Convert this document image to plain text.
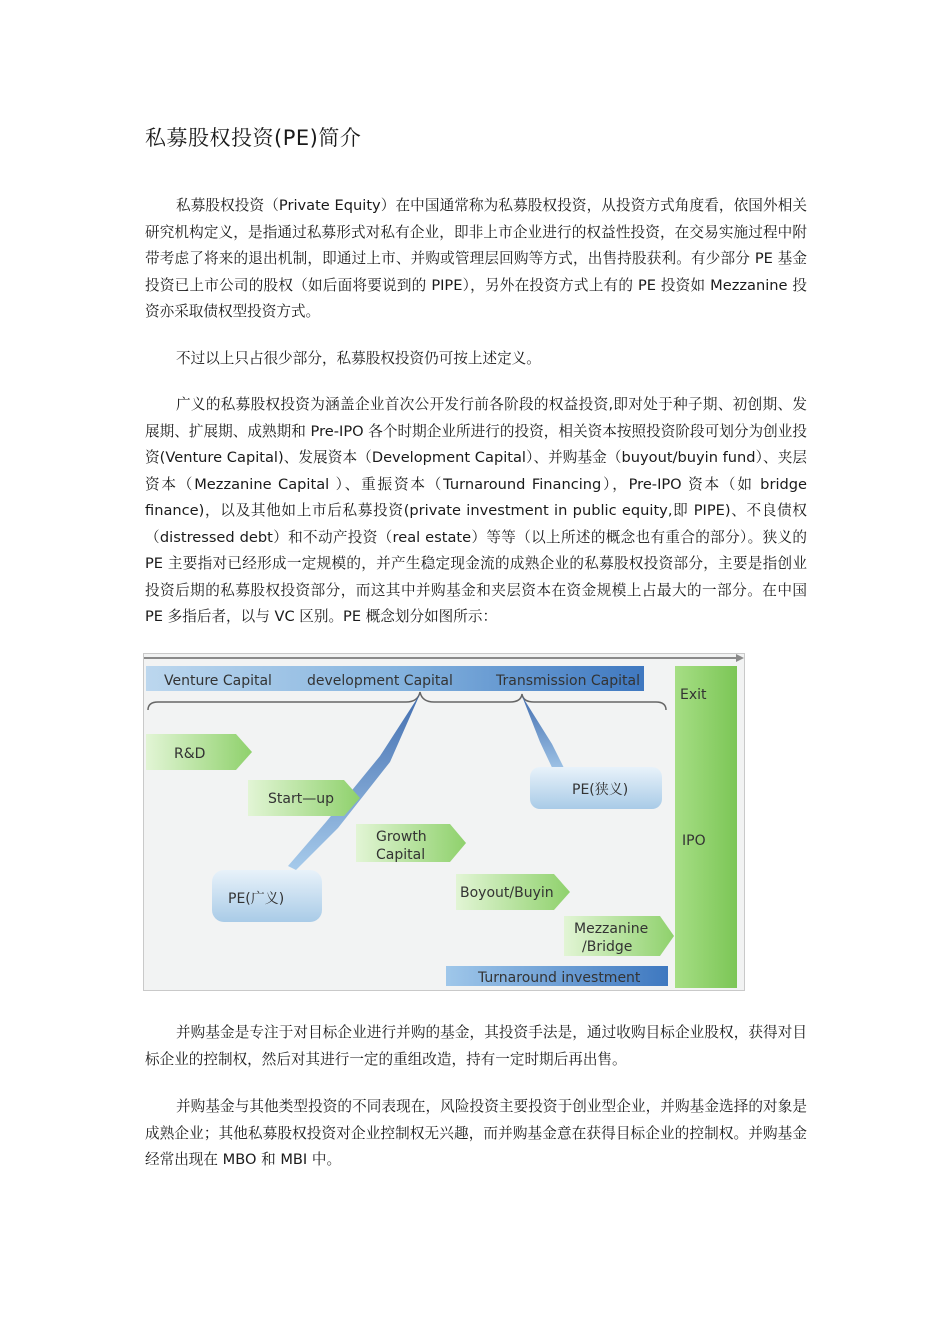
私募股权投资(PE)简介

私募股权投资（Private Equity）在中国通常称为私募股权投资，从投资方式角度看，依国外相关研究机构定义，是指通过私募形式对私有企业，即非上市企业进行的权益性投资，在交易实施过程中附带考虑了将来的退出机制，即通过上市、并购或管理层回购等方式，出售持股获利。有少部分 PE 基金投资已上市公司的股权（如后面将要说到的 PIPE），另外在投资方式上有的 PE 投资如 Mezzanine 投资亦采取债权型投资方式。

不过以上只占很少部分，私募股权投资仍可按上述定义。

广义的私募股权投资为涵盖企业首次公开发行前各阶段的权益投资,即对处于种子期、初创期、发展期、扩展期、成熟期和 Pre-IPO 各个时期企业所进行的投资，相关资本按照投资阶段可划分为创业投资(Venture Capital)、发展资本（Development Capital）、并购基金（buyout/buyin fund）、夹层资本（Mezzanine Capital ）、重振资本（Turnaround Financing），Pre-IPO 资本（如 bridge finance)，以及其他如上市后私募投资(private investment in public equity,即 PIPE)、不良债权（distressed debt）和不动产投资（real estate）等等（以上所述的概念也有重合的部分）。狭义的 PE 主要指对已经形成一定规模的，并产生稳定现金流的成熟企业的私募股权投资部分，主要是指创业投资后期的私募股权投资部分，而这其中并购基金和夹层资本在资金规模上占最大的一部分。在中国 PE 多指后者，以与 VC 区别。PE 概念划分如图所示：

Venture Capital	development Capital	Transmission Capital
Exit
IPO
PE(狭义)
PE(广义)
R&D
Start—up
Growth
Capital
Boyout/Buyin
Mezzanine
/Bridge
Turnaround investment

并购基金是专注于对目标企业进行并购的基金，其投资手法是，通过收购目标企业股权，获得对目标企业的控制权，然后对其进行一定的重组改造，持有一定时期后再出售。

并购基金与其他类型投资的不同表现在，风险投资主要投资于创业型企业，并购基金选择的对象是成熟企业；其他私募股权投资对企业控制权无兴趣，而并购基金意在获得目标企业的控制权。并购基金经常出现在 MBO 和 MBI 中。
